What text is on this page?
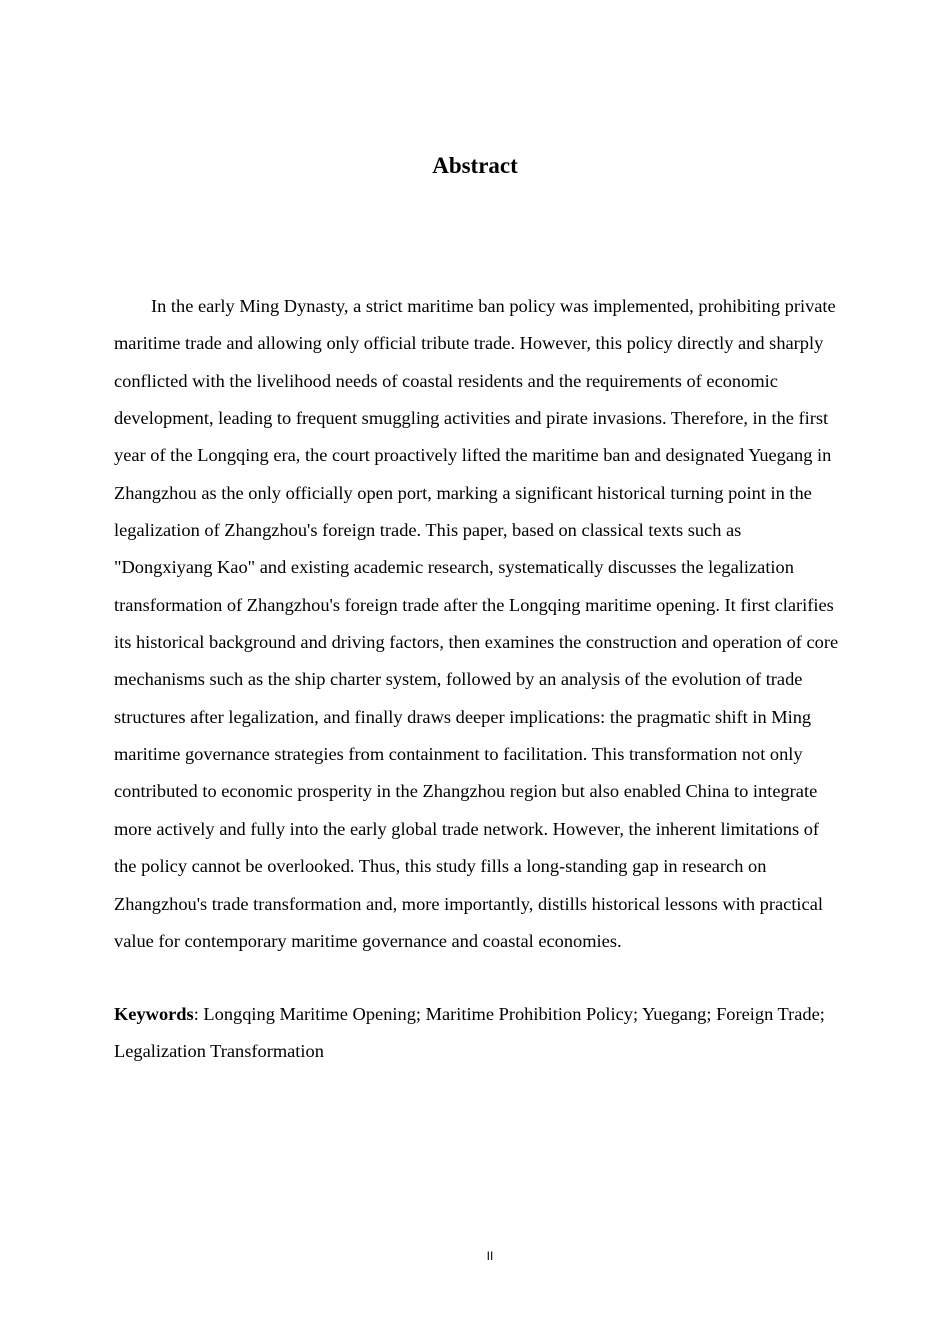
Abstract

In the early Ming Dynasty, a strict maritime ban policy was implemented, prohibiting private maritime trade and allowing only official tribute trade. However, this policy directly and sharply conflicted with the livelihood needs of coastal residents and the requirements of economic development, leading to frequent smuggling activities and pirate invasions. Therefore, in the first year of the Longqing era, the court proactively lifted the maritime ban and designated Yuegang in Zhangzhou as the only officially open port, marking a significant historical turning point in the legalization of Zhangzhou's foreign trade. This paper, based on classical texts such as "Dongxiyang Kao" and existing academic research, systematically discusses the legalization transformation of Zhangzhou's foreign trade after the Longqing maritime opening. It first clarifies its historical background and driving factors, then examines the construction and operation of core mechanisms such as the ship charter system, followed by an analysis of the evolution of trade structures after legalization, and finally draws deeper implications: the pragmatic shift in Ming maritime governance strategies from containment to facilitation. This transformation not only contributed to economic prosperity in the Zhangzhou region but also enabled China to integrate more actively and fully into the early global trade network. However, the inherent limitations of the policy cannot be overlooked. Thus, this study fills a long-standing gap in research on Zhangzhou's trade transformation and, more importantly, distills historical lessons with practical value for contemporary maritime governance and coastal economies.

Keywords: Longqing Maritime Opening; Maritime Prohibition Policy; Yuegang; Foreign Trade; Legalization Transformation

II
